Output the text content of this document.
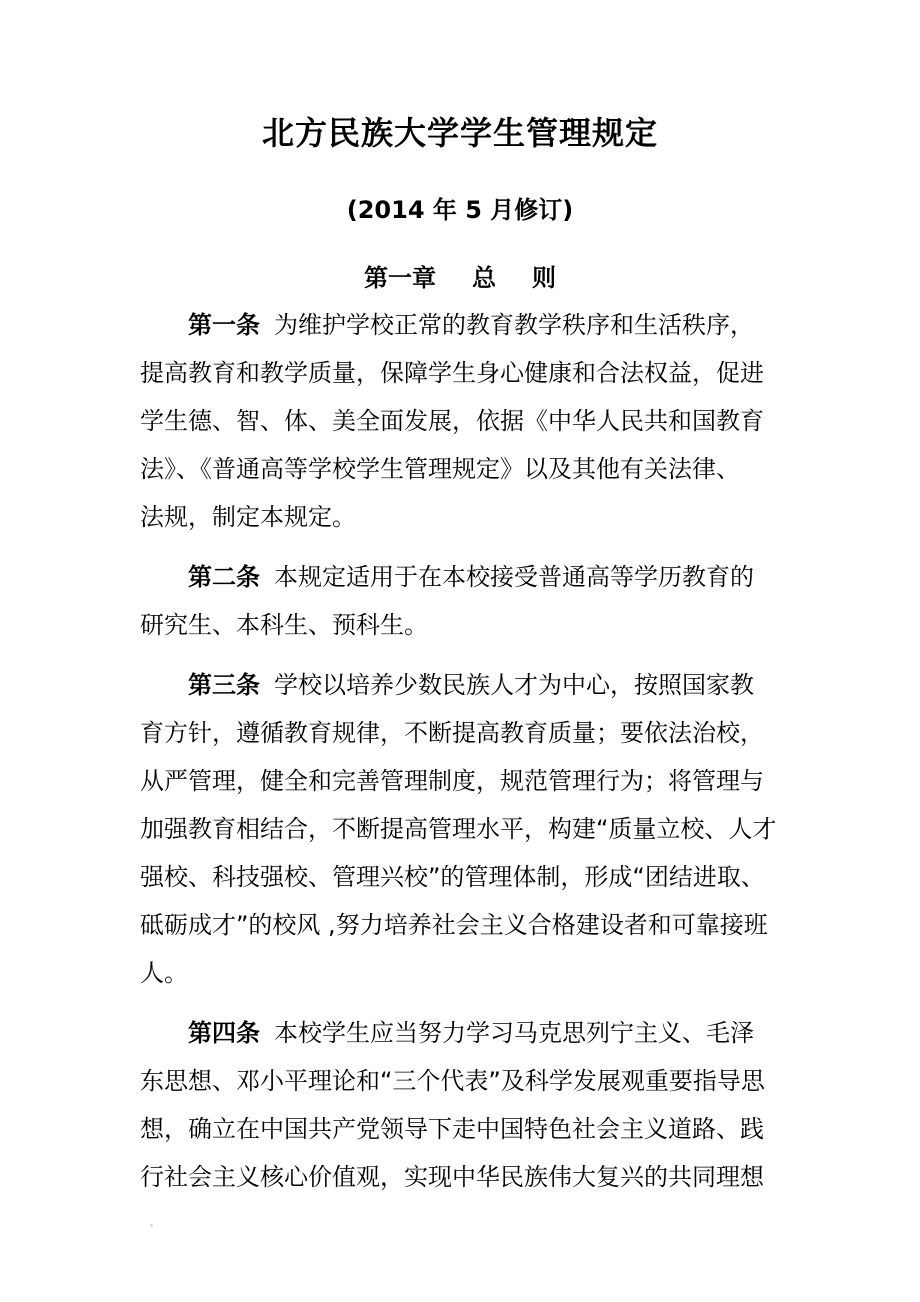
北方民族大学学生管理规定
(2014 年 5 月修订)
第一章 总 则
第一条 为维护学校正常的教育教学秩序和生活秩序，
提高教育和教学质量，保障学生身心健康和合法权益，促进
学生德、智、体、美全面发展，依据《中华人民共和国教育
法》、《普通高等学校学生管理规定》以及其他有关法律、
法规，制定本规定。
第二条 本规定适用于在本校接受普通高等学历教育的
研究生、本科生、预科生。
第三条 学校以培养少数民族人才为中心，按照国家教
育方针，遵循教育规律，不断提高教育质量；要依法治校，
从严管理，健全和完善管理制度，规范管理行为；将管理与
加强教育相结合，不断提高管理水平，构建“质量立校、人才
强校、科技强校、管理兴校”的管理体制，形成“团结进取、
砥砺成才”的校风 ,努力培养社会主义合格建设者和可靠接班
人。
第四条 本校学生应当努力学习马克思列宁主义、毛泽
东思想、邓小平理论和“三个代表”及科学发展观重要指导思
想，确立在中国共产党领导下走中国特色社会主义道路、践
行社会主义核心价值观，实现中华民族伟大复兴的共同理想
